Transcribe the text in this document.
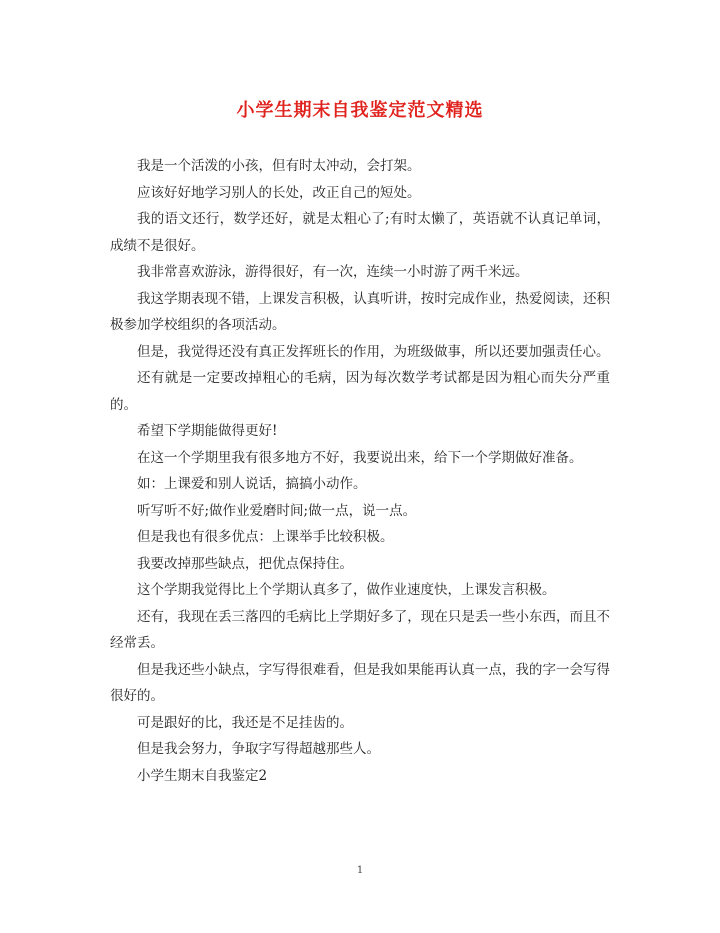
小学生期末自我鉴定范文精选

我是一个活泼的小孩，但有时太冲动，会打架。

应该好好地学习别人的长处，改正自己的短处。

我的语文还行，数学还好，就是太粗心了;有时太懒了，英语就不认真记单词，成绩不是很好。

我非常喜欢游泳，游得很好，有一次，连续一小时游了两千米远。

我这学期表现不错，上课发言积极，认真听讲，按时完成作业，热爱阅读，还积极参加学校组织的各项活动。

但是，我觉得还没有真正发挥班长的作用，为班级做事，所以还要加强责任心。

还有就是一定要改掉粗心的毛病，因为每次数学考试都是因为粗心而失分严重的。

希望下学期能做得更好!

在这一个学期里我有很多地方不好，我要说出来，给下一个学期做好准备。

如：上课爱和别人说话，搞搞小动作。

听写听不好;做作业爱磨时间;做一点，说一点。

但是我也有很多优点：上课举手比较积极。

我要改掉那些缺点，把优点保持住。

这个学期我觉得比上个学期认真多了，做作业速度快，上课发言积极。

还有，我现在丢三落四的毛病比上学期好多了，现在只是丢一些小东西，而且不经常丢。

但是我还些小缺点，字写得很难看，但是我如果能再认真一点，我的字一会写得很好的。

可是跟好的比，我还是不足挂齿的。

但是我会努力，争取字写得超越那些人。

小学生期末自我鉴定2

1
